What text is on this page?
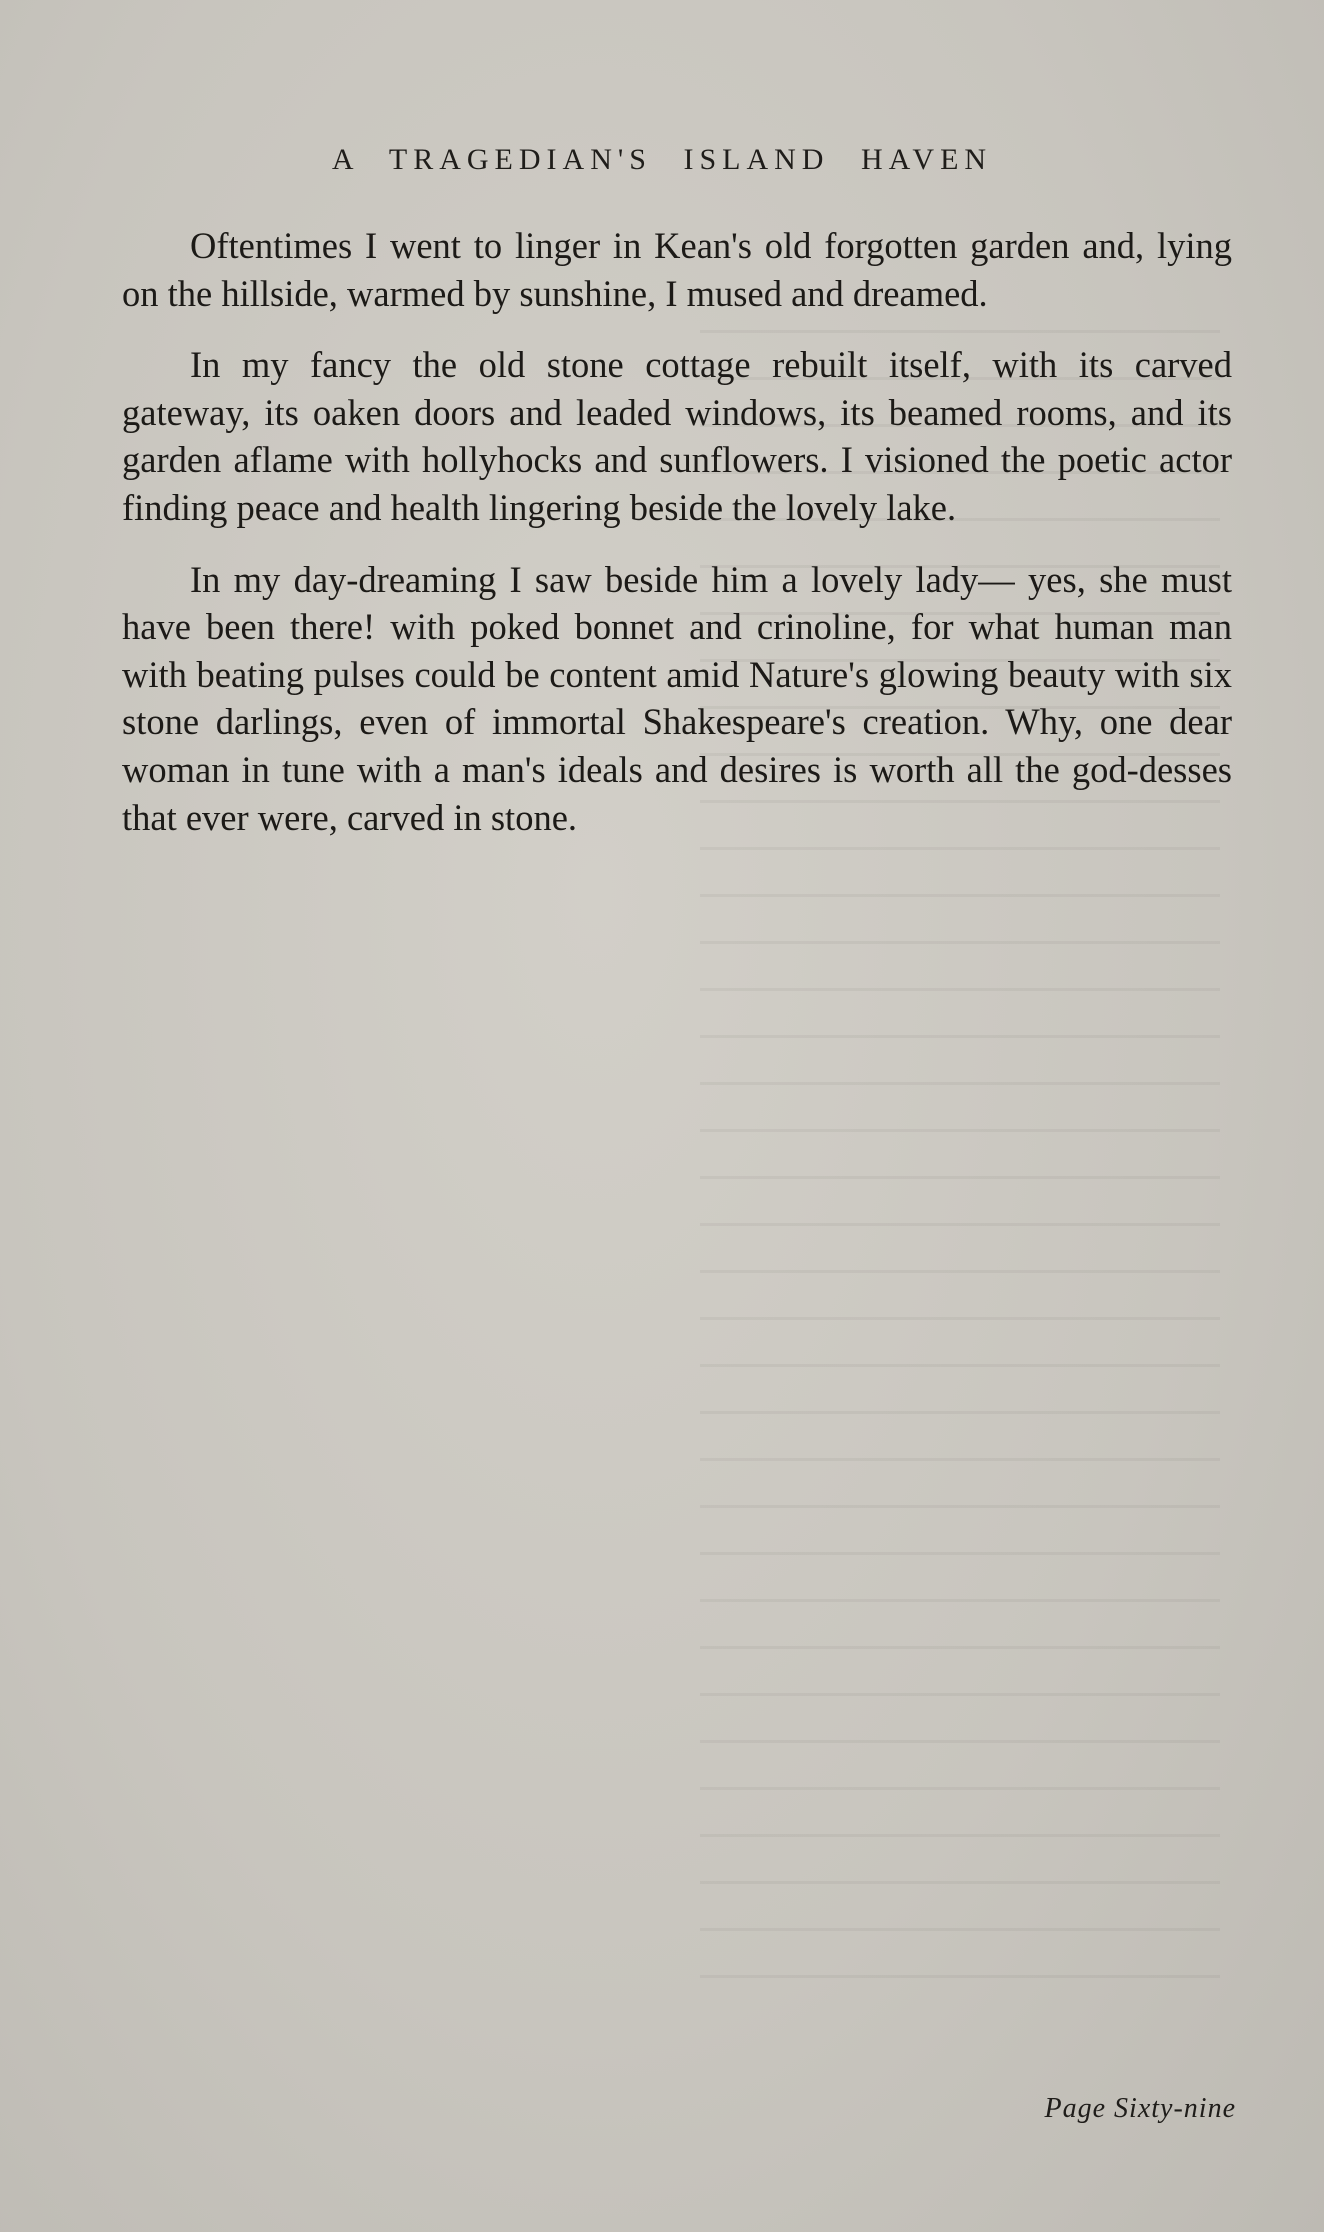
A TRAGEDIAN'S ISLAND HAVEN

Oftentimes I went to linger in Kean's old forgotten garden and, lying on the hillside, warmed by sunshine, I mused and dreamed.

In my fancy the old stone cottage rebuilt itself, with its carved gateway, its oaken doors and leaded windows, its beamed rooms, and its garden aflame with hollyhocks and sunflowers. I visioned the poetic actor finding peace and health lingering beside the lovely lake.

In my day-dreaming I saw beside him a lovely lady— yes, she must have been there! with poked bonnet and crinoline, for what human man with beating pulses could be content amid Nature's glowing beauty with six stone darlings, even of immortal Shakespeare's creation. Why, one dear woman in tune with a man's ideals and desires is worth all the god-desses that ever were, carved in stone.

Page Sixty-nine
